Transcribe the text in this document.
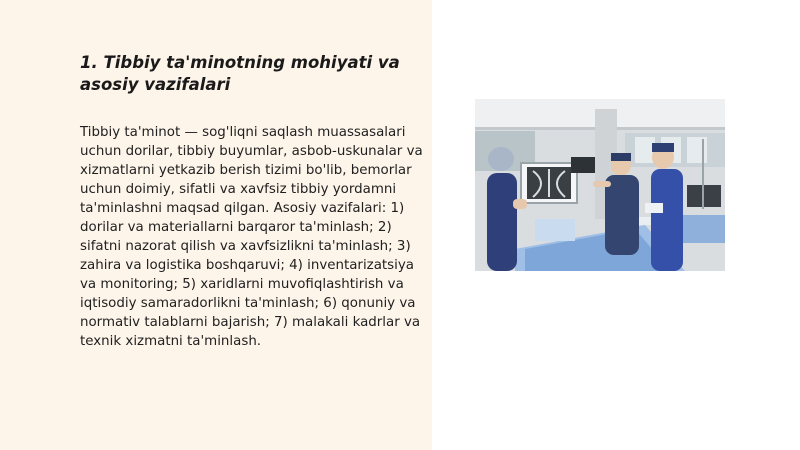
1. Tibbiy ta'minotning mohiyati va asosiy vazifalari

Tibbiy ta'minot — sog'liqni saqlash muassasalari uchun dorilar, tibbiy buyumlar, asbob-uskunalar va xizmatlarni yetkazib berish tizimi bo'lib, bemorlar uchun doimiy, sifatli va xavfsiz tibbiy yordamni ta'minlashni maqsad qilgan. Asosiy vazifalari: 1) dorilar va materiallarni barqaror ta'minlash; 2) sifatni nazorat qilish va xavfsizlikni ta'minlash; 3) zahira va logistika boshqaruvi; 4) inventarizatsiya va monitoring; 5) xaridlarni muvofiqlashtirish va iqtisodiy samaradorlikni ta'minlash; 6) qonuniy va normativ talablarni bajarish; 7) malakali kadrlar va texnik xizmatni ta'minlash.
